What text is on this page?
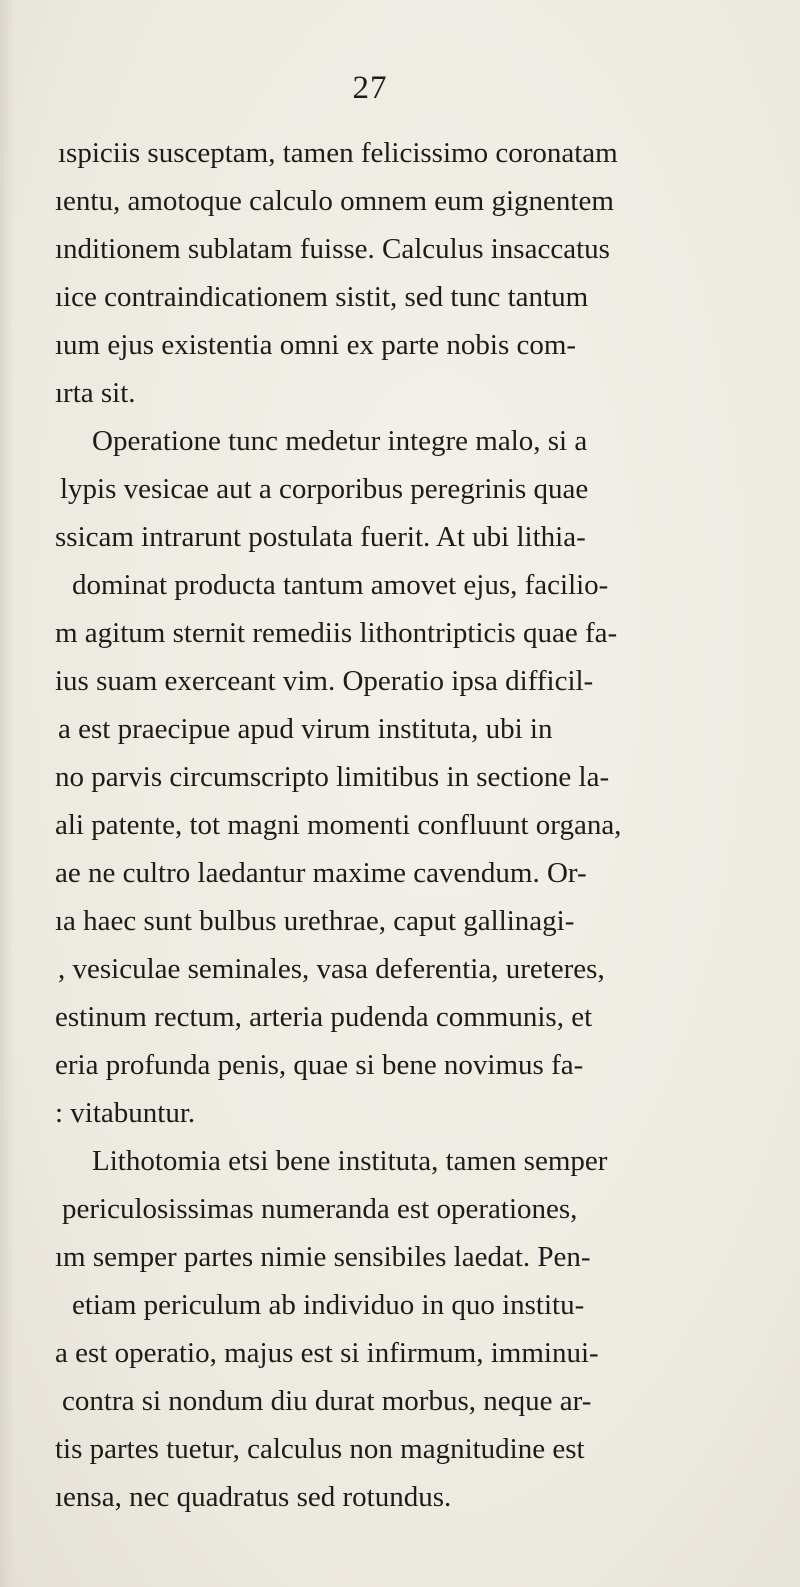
27
ıspiciis susceptam, tamen felicissimo coronatam
ıentu, amotoque calculo omnem eum gignentem
ınditionem sublatam fuisse. Calculus insaccatus
ıice contraindicationem sistit, sed tunc tantum
ıum ejus existentia omni ex parte nobis com-
ırta sit.
Operatione tunc medetur integre malo, si a
lypis vesicae aut a corporibus peregrinis quae
ssicam intrarunt postulata fuerit. At ubi lithia-
dominat producta tantum amovet ejus, facilio-
m agitum sternit remediis lithontripticis quae fa-
ius suam exerceant vim. Operatio ipsa difficil-
a est praecipue apud virum instituta, ubi in
no parvis circumscripto limitibus in sectione la-
ali patente, tot magni momenti confluunt organa,
ae ne cultro laedantur maxime cavendum. Or-
ıa haec sunt bulbus urethrae, caput gallinagi-
, vesiculae seminales, vasa deferentia, ureteres,
estinum rectum, arteria pudenda communis, et
eria profunda penis, quae si bene novimus fa-
: vitabuntur.
Lithotomia etsi bene instituta, tamen semper
periculosissimas numeranda est operationes,
ım semper partes nimie sensibiles laedat. Pen-
etiam periculum ab individuo in quo institu-
a est operatio, majus est si infirmum, imminui-
contra si nondum diu durat morbus, neque ar-
tis partes tuetur, calculus non magnitudine est
ıensa, nec quadratus sed rotundus.
